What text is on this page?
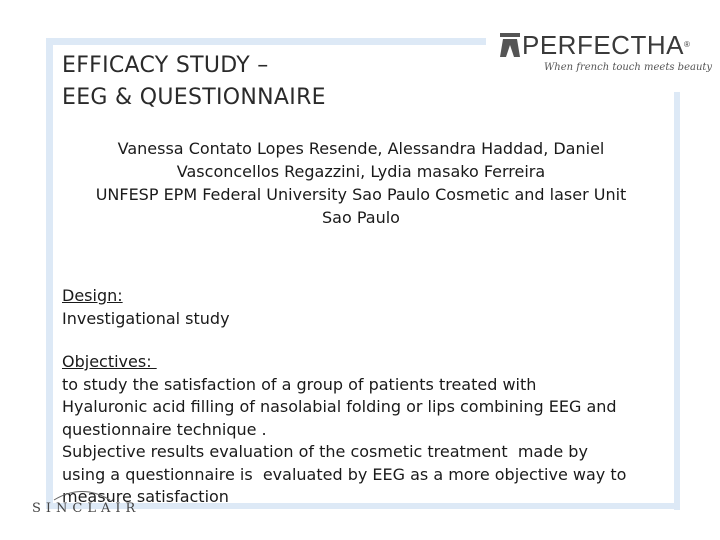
EFFICACY STUDY –
EEG & QUESTIONNAIRE
PERFECTHA®
When french touch meets beauty
Vanessa Contato Lopes Resende, Alessandra Haddad, Daniel
Vasconcellos Regazzini, Lydia masako Ferreira
UNFESP EPM Federal University Sao Paulo Cosmetic and laser Unit
Sao Paulo
Design:
Investigational study
Objectives:
to study the satisfaction of a group of patients treated with
Hyaluronic acid filling of nasolabial folding or lips combining EEG and
questionnaire technique .
Subjective results evaluation of the cosmetic treatment  made by
using a questionnaire is  evaluated by EEG as a more objective way to
measure satisfaction
SINCLAIR
